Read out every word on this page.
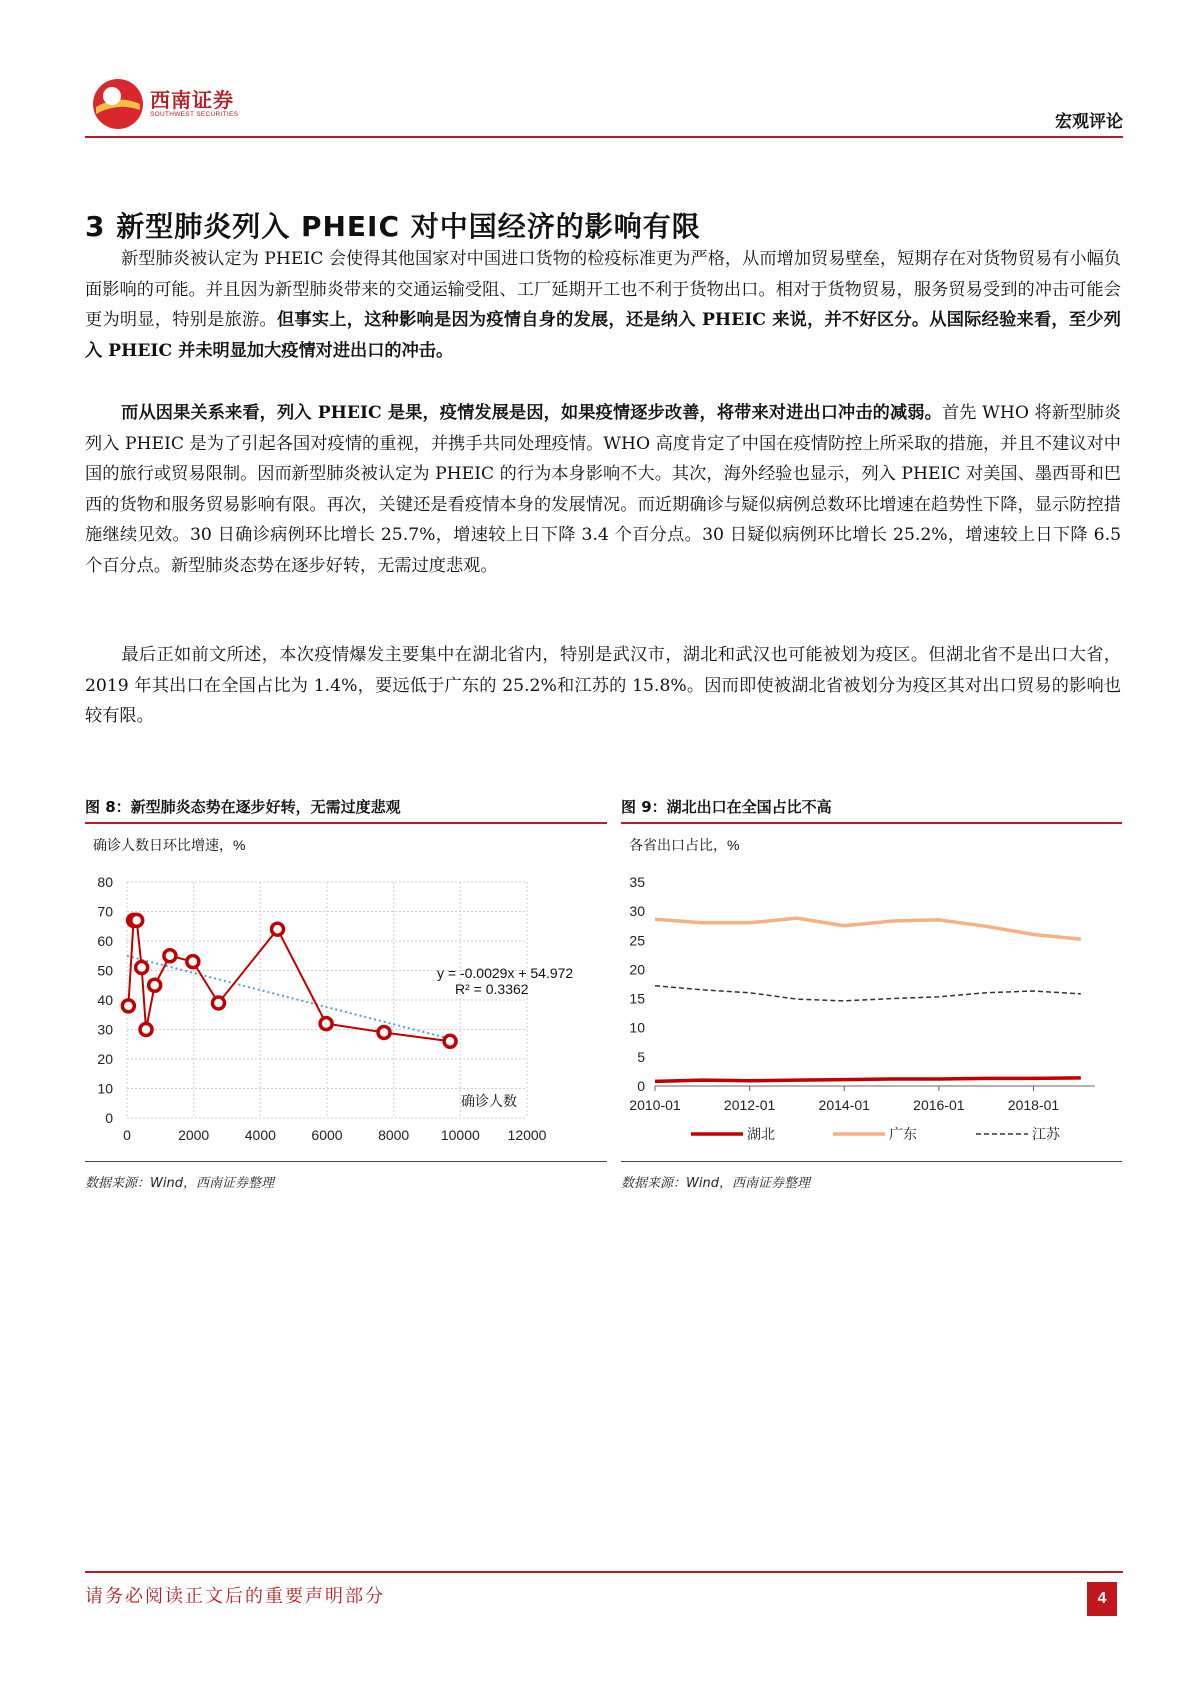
西南证券
SOUTHWEST SECURITIES	宏观评论
3 新型肺炎列入 PHEIC 对中国经济的影响有限

新型肺炎被认定为 PHEIC 会使得其他国家对中国进口货物的检疫标准更为严格，从而增加贸易壁垒，短期存在对货物贸易有小幅负面影响的可能。并且因为新型肺炎带来的交通运输受阻、工厂延期开工也不利于货物出口。相对于货物贸易，服务贸易受到的冲击可能会更为明显，特别是旅游。但事实上，这种影响是因为疫情自身的发展，还是纳入 PHEIC 来说，并不好区分。从国际经验来看，至少列入 PHEIC 并未明显加大疫情对进出口的冲击。

而从因果关系来看，列入 PHEIC 是果，疫情发展是因，如果疫情逐步改善，将带来对进出口冲击的减弱。首先 WHO 将新型肺炎列入 PHEIC 是为了引起各国对疫情的重视，并携手共同处理疫情。WHO 高度肯定了中国在疫情防控上所采取的措施，并且不建议对中国的旅行或贸易限制。因而新型肺炎被认定为 PHEIC 的行为本身影响不大。其次，海外经验也显示，列入 PHEIC 对美国、墨西哥和巴西的货物和服务贸易影响有限。再次，关键还是看疫情本身的发展情况。而近期确诊与疑似病例总数环比增速在趋势性下降，显示防控措施继续见效。30 日确诊病例环比增长 25.7%，增速较上日下降 3.4 个百分点。30 日疑似病例环比增长 25.2%，增速较上日下降 6.5 个百分点。新型肺炎态势在逐步好转，无需过度悲观。

最后正如前文所述，本次疫情爆发主要集中在湖北省内，特别是武汉市，湖北和武汉也可能被划为疫区。但湖北省不是出口大省，2019 年其出口在全国占比为 1.4%，要远低于广东的 25.2%和江苏的 15.8%。因而即使被湖北省被划分为疫区其对出口贸易的影响也较有限。

图 8：新型肺炎态势在逐步好转，无需过度悲观
确诊人数日环比增速，%
0
10
20
30
40
50
60
70
80
0	2000	4000	6000	8000 10000 12000
y = -0.0029x + 54.972
R² = 0.3362
确诊人数
数据来源：Wind，西南证券整理
图 9：湖北出口在全国占比不高
各省出口占比，%
0
5
10
15
20
25
30
35
2010-01	2012-01	2014-01	2016-01	2018-01
湖北	广东	江苏
数据来源：Wind，西南证券整理
请务必阅读正文后的重要声明部分	4
